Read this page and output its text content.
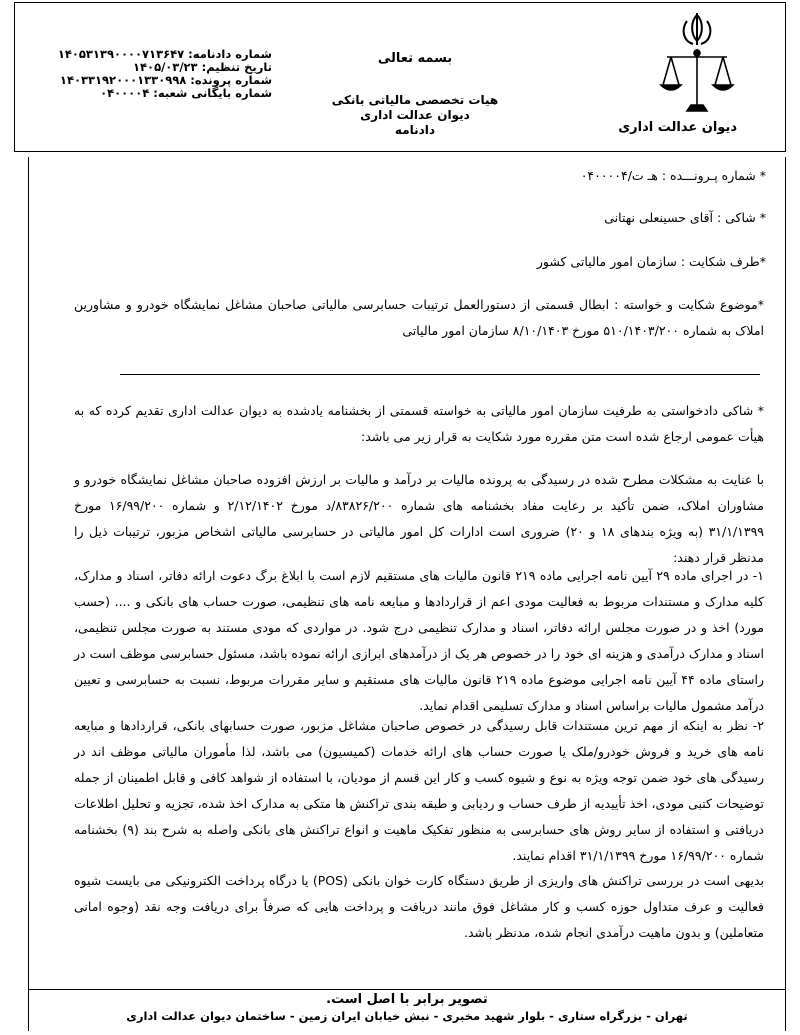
شماره دادنامه: ۱۴۰۵۳۱۳۹۰۰۰۰۷۱۳۶۴۷
تاریخ تنظیم: ۱۴۰۵/۰۳/۲۳
شماره پرونده: ۱۴۰۳۳۱۹۲۰۰۰۱۳۳۰۹۹۸
شماره بایگانی شعبه: ۰۴۰۰۰۰۴
بسمه تعالی
هیات تخصصی مالیاتی بانکی دیوان عدالت اداری
دادنامه	دیوان عدالت اداری
* شماره پـرونـــده : هـ ت/۰۴۰۰۰۰۴
* شاکی : آقای حسینعلی نهتانی
*طرف شکایت : سازمان امور مالیاتی کشور
*موضوع شکایت و خواسته : ابطال قسمتی از دستورالعمل ترتیبات حسابرسی مالیاتی صاحبان مشاغل نمایشگاه خودرو و مشاورین املاک به شماره ۵۱۰/۱۴۰۳/۲۰۰ مورخ ۸/۱۰/۱۴۰۳ سازمان امور مالیاتی

* شاکی دادخواستی به طرفیت سازمان امور مالیاتی به خواسته قسمتی از بخشنامه یادشده به دیوان عدالت اداری تقدیم کرده که به هیأت عمومی ارجاع شده است متن مقرره مورد شکایت به قرار زیر می باشد:

با عنایت به مشکلات مطرح شده در رسیدگی به پرونده مالیات بر درآمد و مالیات بر ارزش افزوده صاحبان مشاغل نمایشگاه خودرو و مشاوران املاک، ضمن تأکید بر رعایت مفاد بخشنامه های شماره ۸۳۸۲۶/۲۰۰/د مورخ ۲/۱۲/۱۴۰۲ و شماره ۱۶/۹۹/۲۰۰ مورخ ۳۱/۱/۱۳۹۹ (به ویژه بندهای ۱۸ و ۲۰) ضروری است ادارات کل امور مالیاتی در حسابرسی مالیاتی اشخاص مزبور، ترتیبات ذیل را مدنظر قرار دهند:

۱- در اجرای ماده ۲۹ آیین نامه اجرایی ماده ۲۱۹ قانون مالیات های مستقیم لازم است با ابلاغ برگ دعوت ارائه دفاتر، اسناد و مدارک، کلیه مدارک و مستندات مربوط به فعالیت مودی اعم از قراردادها و مبایعه نامه های تنظیمی، صورت حساب های بانکی و .... (حسب مورد) اخذ و در صورت مجلس ارائه دفاتر، اسناد و مدارک تنظیمی درج شود. در مواردی که مودی مستند به صورت مجلس تنظیمی، اسناد و مدارک درآمدی و هزینه ای خود را در خصوص هر یک از درآمدهای ابرازی ارائه نموده باشد، مسئول حسابرسی موظف است در راستای ماده ۴۴ آیین نامه اجرایی موضوع ماده ۲۱۹ قانون مالیات های مستقیم و سایر مقررات مربوط، نسبت به حسابرسی و تعیین درآمد مشمول مالیات براساس اسناد و مدارک تسلیمی اقدام نماید.

۲- نظر به اینکه از مهم ترین مستندات قابل رسیدگی در خصوص صاحبان مشاغل مزبور، صورت حسابهای بانکی، قراردادها و مبایعه نامه های خرید و فروش خودرو/ملک یا صورت حساب های ارائه خدمات (کمیسیون) می باشد، لذا مأموران مالیاتی موظف اند در رسیدگی های خود ضمن توجه ویژه به نوع و شیوه کسب و کار این قسم از مودیان، با استفاده از شواهد کافی و قابل اطمینان از جمله توضیحات کتبی مودی، اخذ تأییدیه از طرف حساب و ردیابی و طبقه بندی تراکنش ها متکی به مدارک اخذ شده، تجزیه و تحلیل اطلاعات دریافتی و استفاده از سایر روش های حسابرسی به منظور تفکیک ماهیت و انواع تراکنش های بانکی واصله به شرح بند (۹) بخشنامه شماره ۱۶/۹۹/۲۰۰ مورخ ۳۱/۱/۱۳۹۹ اقدام نمایند.

بدیهی است در بررسی تراکنش های واریزی از طریق دستگاه کارت خوان بانکی (POS) یا درگاه پرداخت الکترونیکی می بایست شیوه فعالیت و عرف متداول حوزه کسب و کار مشاغل فوق مانند دریافت و پرداخت هایی که صرفاً برای دریافت وجه نقد (وجوه امانی متعاملین) و بدون ماهیت درآمدی انجام شده، مدنظر باشد.

تصویر برابر با اصل است.
تهران - بزرگراه ستاری - بلوار شهید مخبری - نبش خیابان ایران زمین - ساختمان دیوان عدالت اداری
